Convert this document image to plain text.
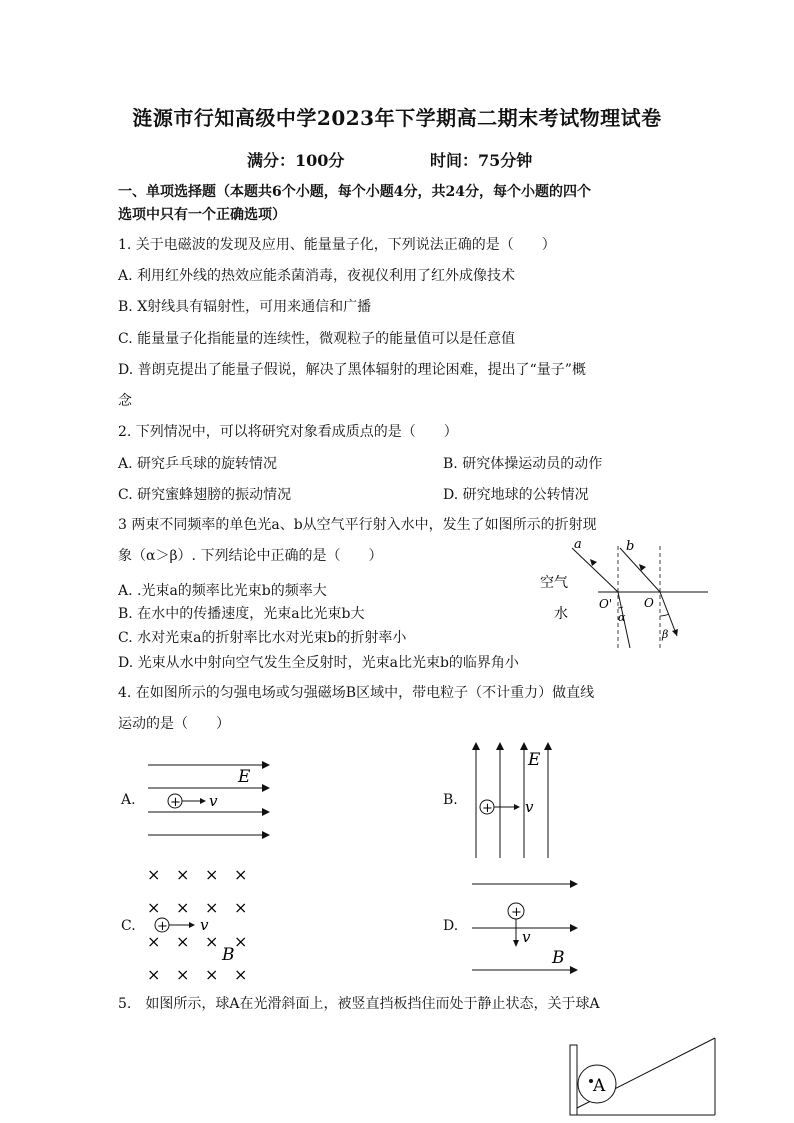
涟源市行知高级中学2023年下学期高二期末考试物理试卷
满分：100分	时间：75分钟
一、单项选择题（本题共6个小题，每个小题4分，共24分，每个小题的四个
选项中只有一个正确选项）
1. 关于电磁波的发现及应用、能量量子化，下列说法正确的是（　　）
A. 利用红外线的热效应能杀菌消毒，夜视仪利用了红外成像技术
B. X射线具有辐射性，可用来通信和广播
C. 能量量子化指能量的连续性，微观粒子的能量值可以是任意值
D. 普朗克提出了能量子假说，解决了黑体辐射的理论困难，提出了“量子”概
念
2. 下列情况中，可以将研究对象看成质点的是（　　）
A. 研究乒乓球的旋转情况	B. 研究体操运动员的动作
C. 研究蜜蜂翅膀的振动情况	D. 研究地球的公转情况
3 两束不同频率的单色光a、b从空气平行射入水中，发生了如图所示的折射现
象（α＞β）. 下列结论中正确的是（　　）
A. .光束a的频率比光束b的频率大
B. 在水中的传播速度，光束a比光束b大
C. 水对光束a的折射率比水对光束b的折射率小
D. 光束从水中射向空气发生全反射时，光束a比光束b的临界角小
a	b
空气
水
O'	O
α
β
4. 在如图所示的匀强电场或匀强磁场B区域中，带电粒子（不计重力）做直线
运动的是（　　）
A.	+ v
E
B.
+ v
E
C.
× × × ×
× × × ×
× × × ×
× × × ×
+ v
B
D.
+
v
B
5.　如图所示，球A在光滑斜面上，被竖直挡板挡住而处于静止状态，关于球A
A
